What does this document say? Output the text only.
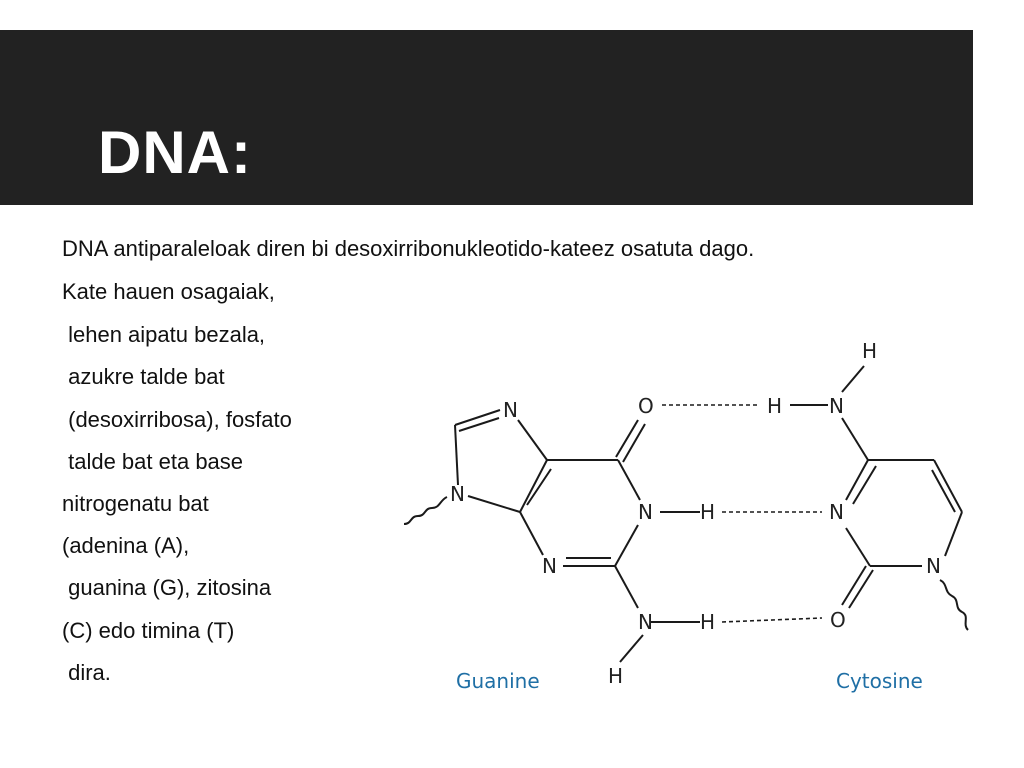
DNA:
DNA antiparaleloak diren bi desoxirribonukleotido-kateez osatuta dago.
Kate hauen osagaiak,
lehen aipatu bezala,
azukre talde bat
(desoxirribosa), fosfato
talde bat eta base
nitrogenatu bat
(adenina (A),
guanina (G), zitosina
(C) edo timina (T)
dira.
N
N
O
N H
N
N H
H
H
H N
N
N
O
Guanine	Cytosine
